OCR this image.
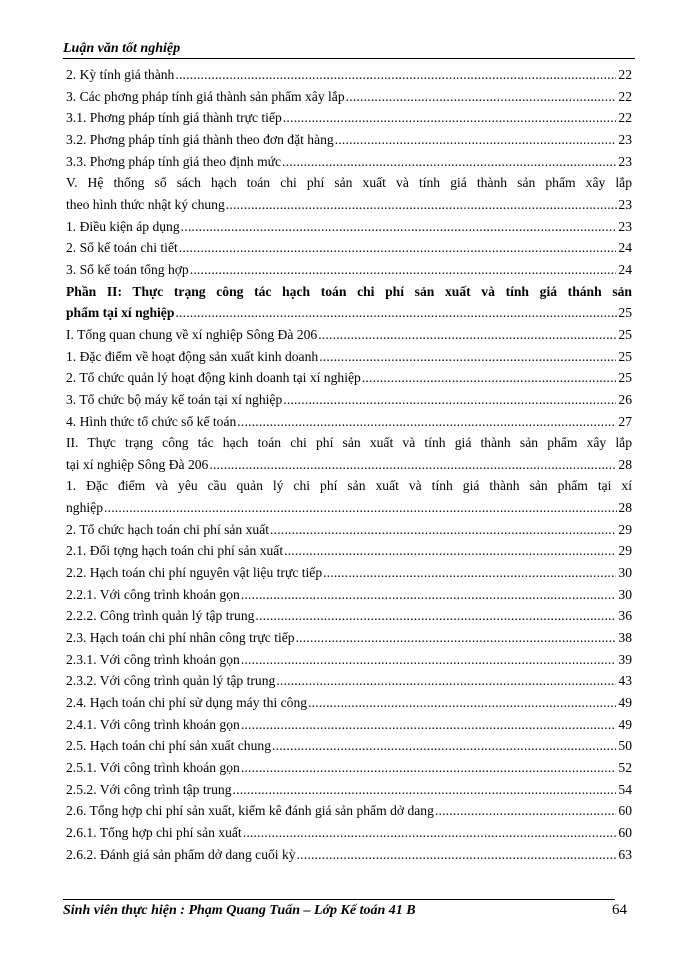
Luận văn tốt nghiệp
2. Kỳ tính giá thành .....	22
3. Các phơng pháp tính giá thành sản phẩm xây lắp .....	22
3.1. Phơng pháp tính giá thành trực tiếp .....	22
3.2. Phơng pháp tính giá thành theo đơn đặt hàng .....	23
3.3. Phơng pháp tính giá theo định mức .....	23
V. Hệ thống sổ sách hạch toán chi phí sản xuất và tính giá thành sản phẩm xây lắp
theo hình thức nhật ký chung .....	23
1. Điều kiện áp dụng .....	23
2. Sổ kế toán chi tiết .....	24
3. Sổ kế toán tổng hợp .....	24
Phần II: Thực trạng công tác hạch toán chi phí sản xuất và tính giá thánh sản
phẩm tại xí nghiệp .....	25
I. Tổng quan chung về xí nghiệp Sông Đà 206 .....	25
1. Đặc điểm về hoạt động sản xuất kinh doanh .....	25
2. Tổ chức quản lý hoạt động kinh doanh tại xí nghiệp .....	25
3. Tổ chức bộ máy kế toán tại xí nghiệp .....	26
4. Hình thức tổ chức sổ kế toán .....	27
II. Thực trạng công tác hạch toán chi phí sản xuất và tính giá thành sản phẩm xây lắp
tại xí nghiệp Sông Đà 206 .....	28
1. Đặc điểm và yêu cầu quản lý chi phí sản xuất và tính giá thành sản phẩm tại xí
nghiệp .....	28
2. Tổ chức hạch toán chi phí sản xuất .....	29
2.1. Đối tợng hạch toán chi phí sản xuất .....	29
2.2. Hạch toán chi phí nguyên vật liệu trực tiếp .....	30
2.2.1. Với công trình khoán gọn .....	30
2.2.2. Công trình quản lý tập trung .....	36
2.3. Hạch toán chi phí nhân công trực tiếp .....	38
2.3.1. Với công trình khoán gọn .....	39
2.3.2. Với công trình quản lý tập trung .....	43
2.4. Hạch toán chi phí sử dụng máy thi công .....	49
2.4.1. Với công trình khoán gọn .....	49
2.5. Hạch toán chi phí sản xuất chung .....	50
2.5.1. Với công trình khoán gọn .....	52
2.5.2. Với công trình tập trung .....	54
2.6. Tổng hợp chi phí sản xuất, kiểm kê đánh giá sản phẩm dở dang .....	60
2.6.1. Tổng hợp chi phí sản xuất .....	60
2.6.2. Đánh giá sản phẩm dở dang cuối kỳ .....	63
Sinh viên thực hiện : Phạm Quang Tuấn – Lớp Kế toán 41 B	64
